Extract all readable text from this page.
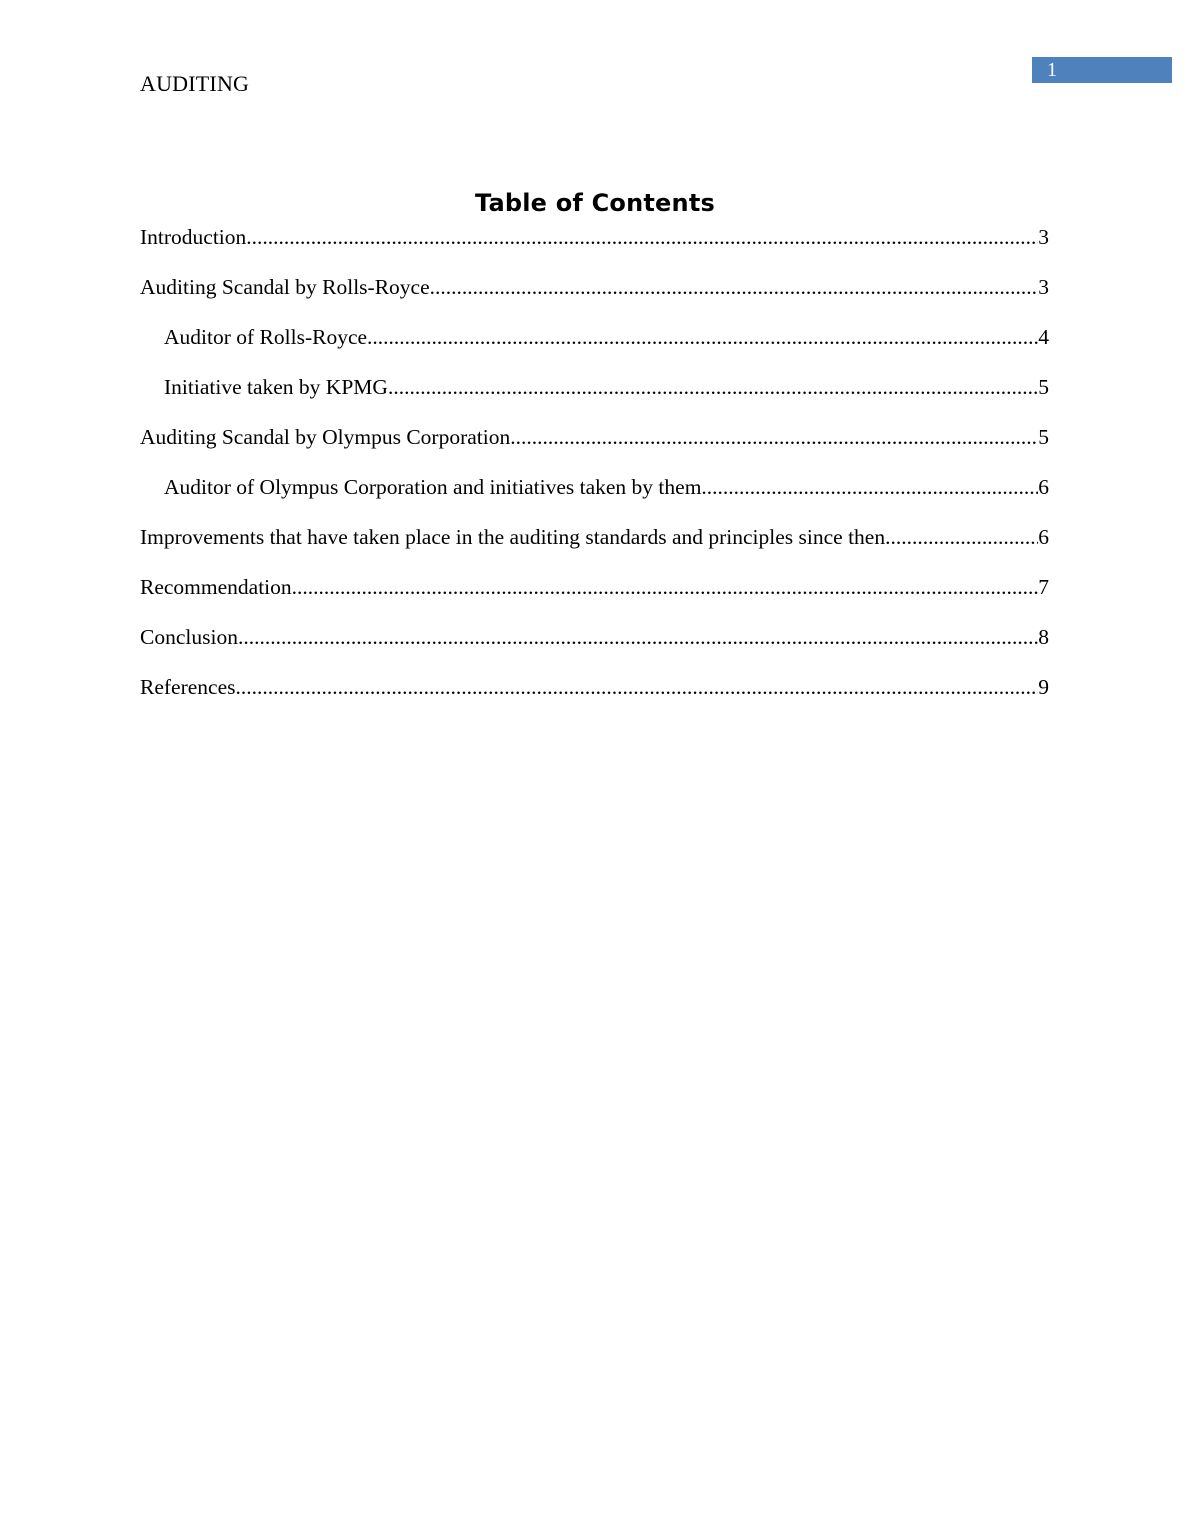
AUDITING
1
Table of Contents
Introduction .....	3
Auditing Scandal by Rolls-Royce .....	3
Auditor of Rolls-Royce .....	4
Initiative taken by KPMG .....	5
Auditing Scandal by Olympus Corporation .....	5
Auditor of Olympus Corporation and initiatives taken by them .....	6
Improvements that have taken place in the auditing standards and principles since then .....	6
Recommendation .....	7
Conclusion .....	8
References .....	9
